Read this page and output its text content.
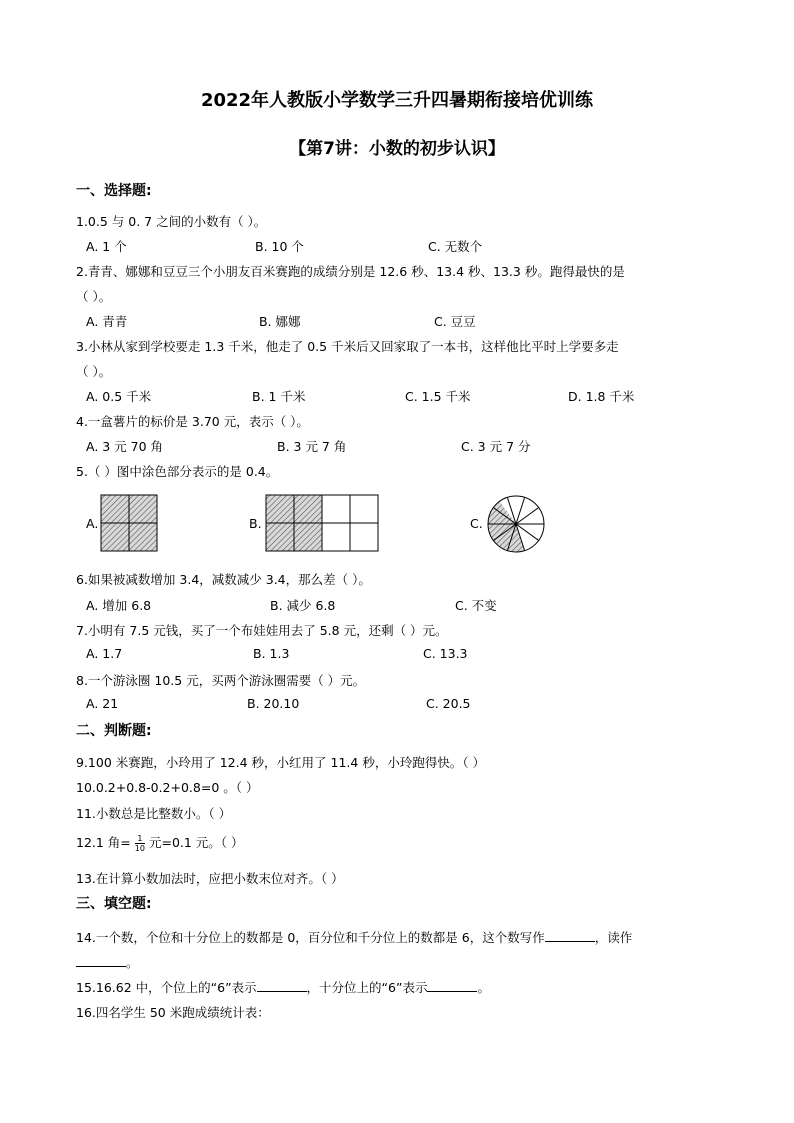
2022年人教版小学数学三升四暑期衔接培优训练
【第7讲：小数的初步认识】
一、选择题:
1.0.5 与 0. 7 之间的小数有（ ）。
A. 1 个	B. 10 个	C. 无数个
2.青青、娜娜和豆豆三个小朋友百米赛跑的成绩分别是 12.6 秒、13.4 秒、13.3 秒。跑得最快的是
（ ）。
A. 青青	B. 娜娜	C. 豆豆
3.小林从家到学校要走 1.3 千米，他走了 0.5 千米后又回家取了一本书，这样他比平时上学要多走
（ ）。
A. 0.5 千米	B. 1 千米	C. 1.5 千米	D. 1.8 千米
4.一盒薯片的标价是 3.70 元，表示（ ）。
A. 3 元 70 角	B. 3 元 7 角	C. 3 元 7 分
5.（ ）图中涂色部分表示的是 0.4。
A.	B.	C.
6.如果被减数增加 3.4，减数减少 3.4，那么差（ ）。
A. 增加 6.8	B. 减少 6.8	C. 不变
7.小明有 7.5 元钱，买了一个布娃娃用去了 5.8 元，还剩（ ）元。
A. 1.7	B. 1.3	C. 13.3
8.一个游泳圈 10.5 元，买两个游泳圈需要（ ）元。
A. 21	B. 20.10	C. 20.5
二、判断题:
9.100 米赛跑，小玲用了 12.4 秒，小红用了 11.4 秒，小玲跑得快。（ ）
10.0.2+0.8-0.2+0.8=0 。（ ）
11.小数总是比整数小。（ ）
12.1 角= $\frac{1}{10}$ 元=0.1 元。（ ）
13.在计算小数加法时，应把小数末位对齐。（ ）
三、填空题:
14.一个数，个位和十分位上的数都是 0，百分位和千分位上的数都是 6，这个数写作	，读作
。
15.16.62 中，个位上的“6”表示	，十分位上的“6”表示	。
16.四名学生 50 米跑成绩统计表：
